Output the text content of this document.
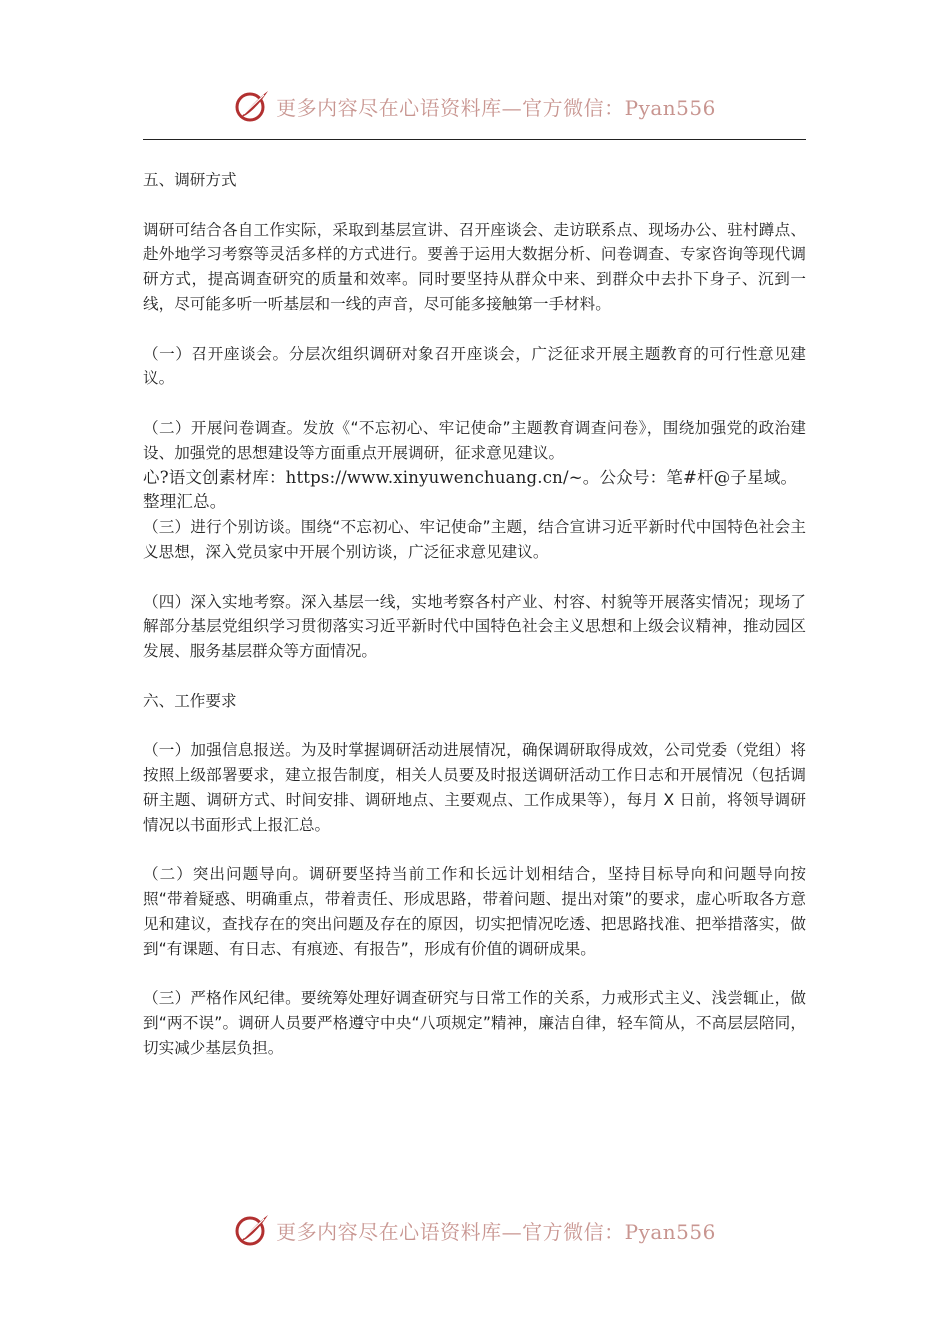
更多内容尽在心语资料库—官方微信：Pyan556

五、调研方式

调研可结合各自工作实际，采取到基层宣讲、召开座谈会、走访联系点、现场办公、驻村蹲点、赴外地学习考察等灵活多样的方式进行。要善于运用大数据分析、问卷调查、专家咨询等现代调研方式，提高调查研究的质量和效率。同时要坚持从群众中来、到群众中去扑下身子、沉到一线，尽可能多听一听基层和一线的声音，尽可能多接触第一手材料。

（一）召开座谈会。分层次组织调研对象召开座谈会，广泛征求开展主题教育的可行性意见建议。

（二）开展问卷调查。发放《“不忘初心、牢记使命”主题教育调查问卷》，围绕加强党的政治建设、加强党的思想建设等方面重点开展调研，征求意见建议。

心?语文创素材库：https://www.xinyuwenchuang.cn/~。公众号：笔#杆@子星域。

整理汇总。

（三）进行个别访谈。围绕“不忘初心、牢记使命”主题，结合宣讲习近平新时代中国特色社会主义思想，深入党员家中开展个别访谈，广泛征求意见建议。

（四）深入实地考察。深入基层一线，实地考察各村产业、村容、村貌等开展落实情况；现场了解部分基层党组织学习贯彻落实习近平新时代中国特色社会主义思想和上级会议精神，推动园区发展、服务基层群众等方面情况。

六、工作要求

（一）加强信息报送。为及时掌握调研活动进展情况，确保调研取得成效，公司党委（党组）将按照上级部署要求，建立报告制度，相关人员要及时报送调研活动工作日志和开展情况（包括调研主题、调研方式、时间安排、调研地点、主要观点、工作成果等），每月 X 日前，将领导调研情况以书面形式上报汇总。

（二）突出问题导向。调研要坚持当前工作和长远计划相结合，坚持目标导向和问题导向按照“带着疑惑、明确重点，带着责任、形成思路，带着问题、提出对策”的要求，虚心听取各方意见和建议，查找存在的突出问题及存在的原因，切实把情况吃透、把思路找准、把举措落实，做到“有课题、有日志、有痕迹、有报告”，形成有价值的调研成果。

（三）严格作风纪律。要统筹处理好调查研究与日常工作的关系，力戒形式主义、浅尝辄止，做到“两不误”。调研人员要严格遵守中央“八项规定”精神，廉洁自律，轻车简从，不高层层陪同，切实减少基层负担。

更多内容尽在心语资料库—官方微信：Pyan556
